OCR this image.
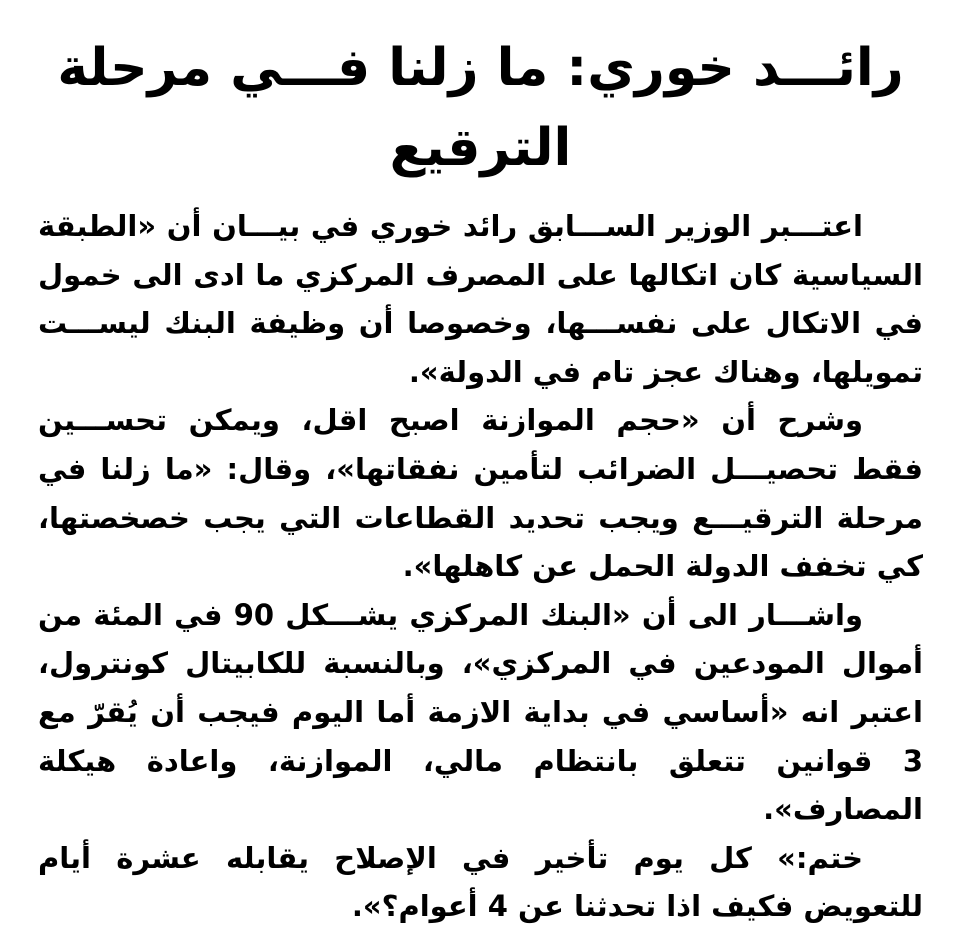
رائـــد خوري: ما زلنا فـــي مرحلة الترقيع

اعتـــبر الوزير الســـابق رائد خوري في بيـــان أن «الطبقة السياسية كان اتكالها على المصرف المركزي ما ادى الى خمول في الاتكال على نفســـها، وخصوصا أن وظيفة البنك ليســـت تمويلها، وهناك عجز تام في الدولة».

وشرح أن «حجم الموازنة اصبح اقل، ويمكن تحســـين فقط تحصيـــل الضرائب لتأمين نفقاتها»، وقال: «ما زلنا في مرحلة الترقيـــع ويجب تحديد القطاعات التي يجب خصخصتها، كي تخفف الدولة الحمل عن كاهلها».

واشـــار الى أن «البنك المركزي يشـــكل 90 في المئة من أموال المودعين في المركزي»، وبالنسبة للكابيتال كونترول، اعتبر انه «أساسي في بداية الازمة أما اليوم فيجب أن يُقرّ مع 3 قوانين تتعلق بانتظام مالي، الموازنة، واعادة هيكلة المصارف».

ختم:» كل يوم تأخير في الإصلاح يقابله عشرة أيام للتعويض فكيف اذا تحدثنا عن 4 أعوام؟».
